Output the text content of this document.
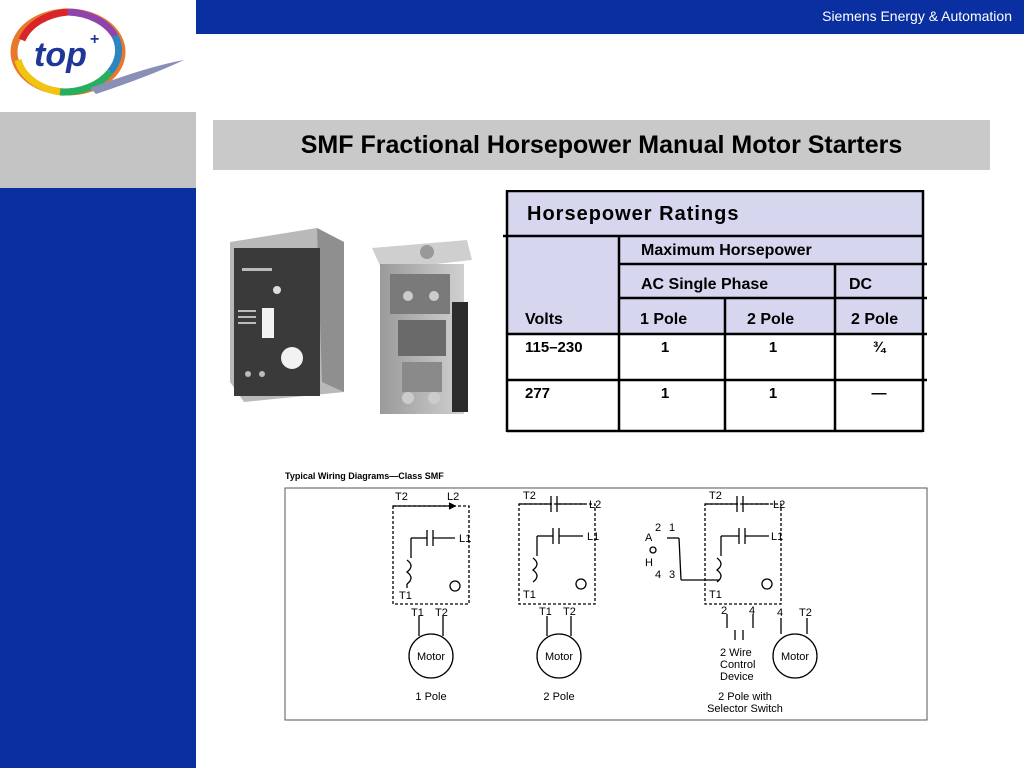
Siemens Energy & Automation
top +
SMF Fractional Horsepower Manual Motor Starters
Horsepower Ratings
Maximum Horsepower
AC Single Phase	DC
Volts	1 Pole	2 Pole	2 Pole
115–230	1	1	¾
277	1	1	—
Typical Wiring Diagrams—Class SMF
T2	L2
L1
T1
T1 T2
Motor
1 Pole
T2
L2
L1
T1
T1 T2
Motor
2 Pole
T2
L2
L1
2 1
A
H
4 3
T1
2 4 4 T2
2 Wire
Control
Device
Motor
2 Pole with
Selector Switch
